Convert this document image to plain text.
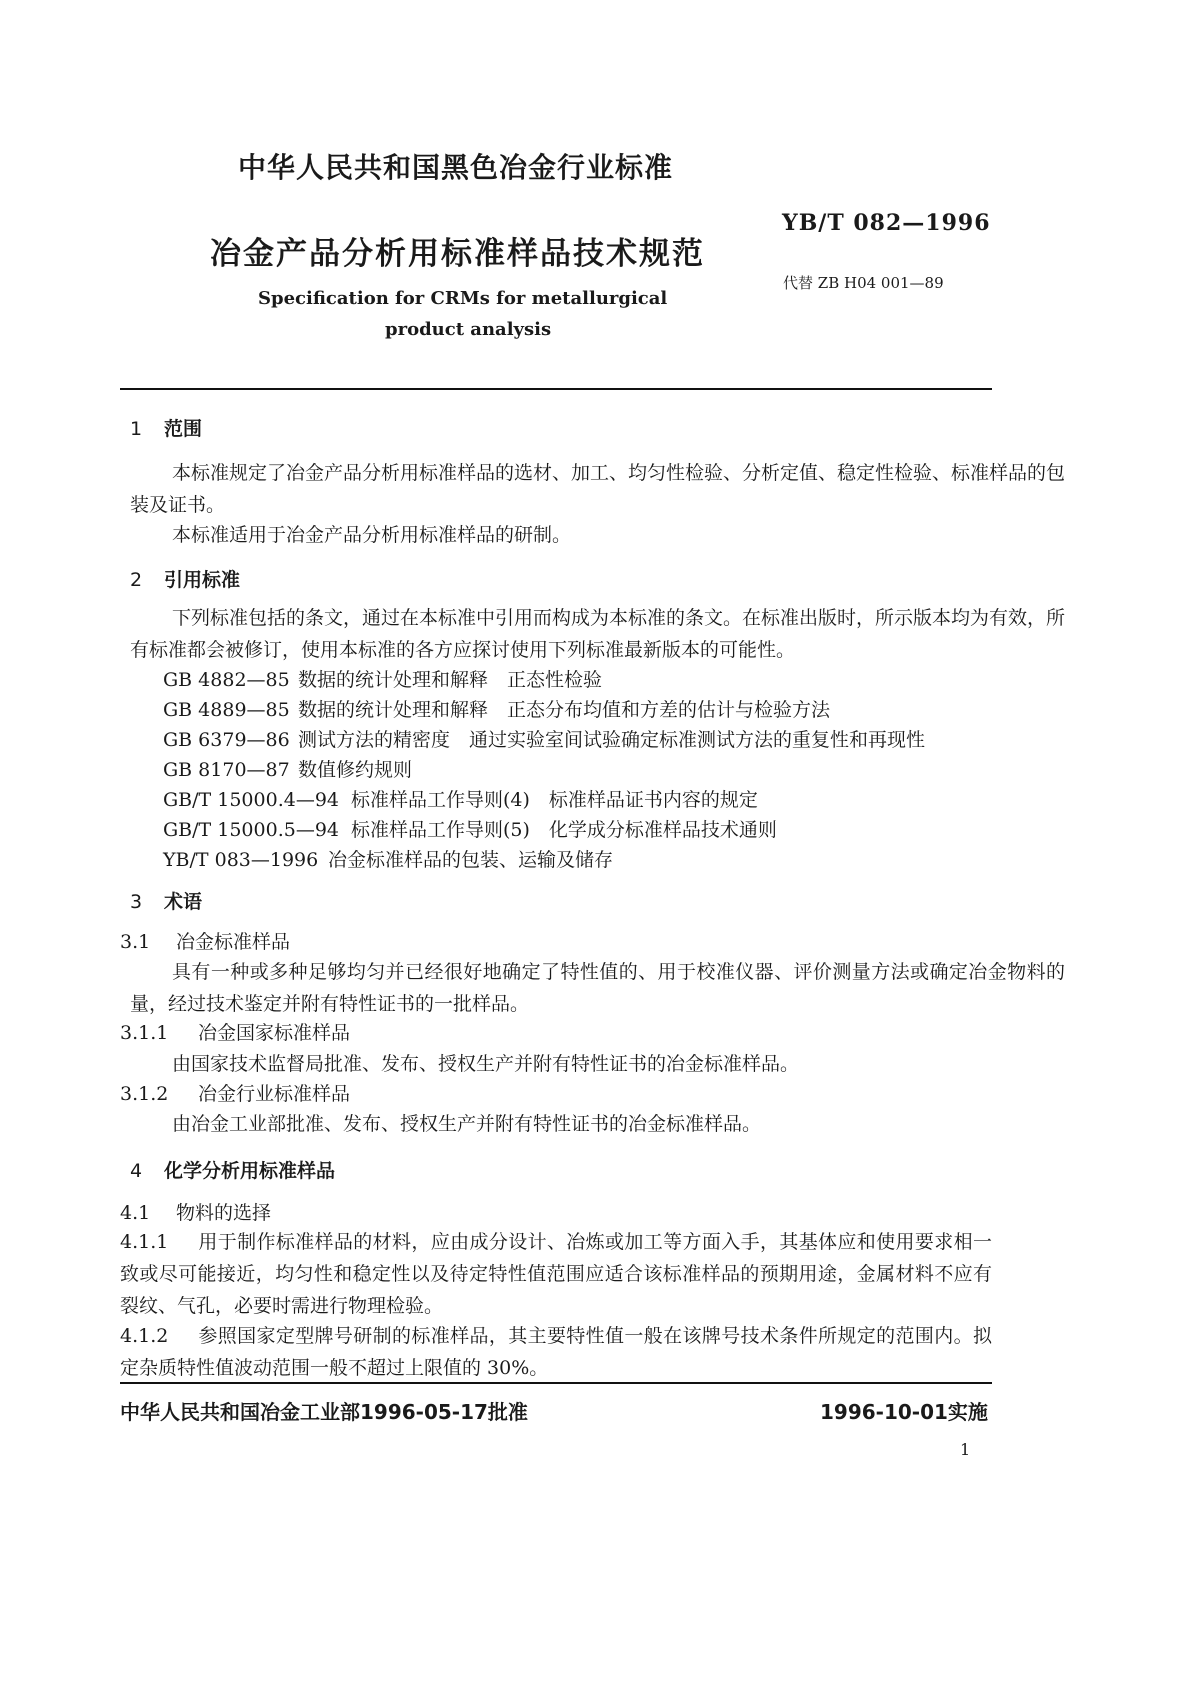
中华人民共和国黑色冶金行业标准
冶金产品分析用标准样品技术规范
YB/T 082—1996
代替 ZB H04 001—89
Specification for CRMs for metallurgical
product analysis
1 范围
本标准规定了冶金产品分析用标准样品的选材、加工、均匀性检验、分析定值、稳定性检验、标准样品的包装及证书。
本标准适用于冶金产品分析用标准样品的研制。
2 引用标准
下列标准包括的条文，通过在本标准中引用而构成为本标准的条文。在标准出版时，所示版本均为有效，所有标准都会被修订，使用本标准的各方应探讨使用下列标准最新版本的可能性。
GB 4882—85 数据的统计处理和解释　正态性检验
GB 4889—85 数据的统计处理和解释　正态分布均值和方差的估计与检验方法
GB 6379—86 测试方法的精密度　通过实验室间试验确定标准测试方法的重复性和再现性
GB 8170—87 数值修约规则
GB/T 15000.4—94 标准样品工作导则(4)　标准样品证书内容的规定
GB/T 15000.5—94 标准样品工作导则(5)　化学成分标准样品技术通则
YB/T 083—1996 冶金标准样品的包装、运输及储存
3 术语
3.1 冶金标准样品
具有一种或多种足够均匀并已经很好地确定了特性值的、用于校准仪器、评价测量方法或确定冶金物料的量，经过技术鉴定并附有特性证书的一批样品。
3.1.1 冶金国家标准样品
由国家技术监督局批准、发布、授权生产并附有特性证书的冶金标准样品。
3.1.2 冶金行业标准样品
由冶金工业部批准、发布、授权生产并附有特性证书的冶金标准样品。
4 化学分析用标准样品
4.1 物料的选择
4.1.1 用于制作标准样品的材料，应由成分设计、冶炼或加工等方面入手，其基体应和使用要求相一致或尽可能接近，均匀性和稳定性以及待定特性值范围应适合该标准样品的预期用途，金属材料不应有裂纹、气孔，必要时需进行物理检验。
4.1.2 参照国家定型牌号研制的标准样品，其主要特性值一般在该牌号技术条件所规定的范围内。拟定杂质特性值波动范围一般不超过上限值的 30%。
中华人民共和国冶金工业部1996-05-17批准	1996-10-01实施
1
